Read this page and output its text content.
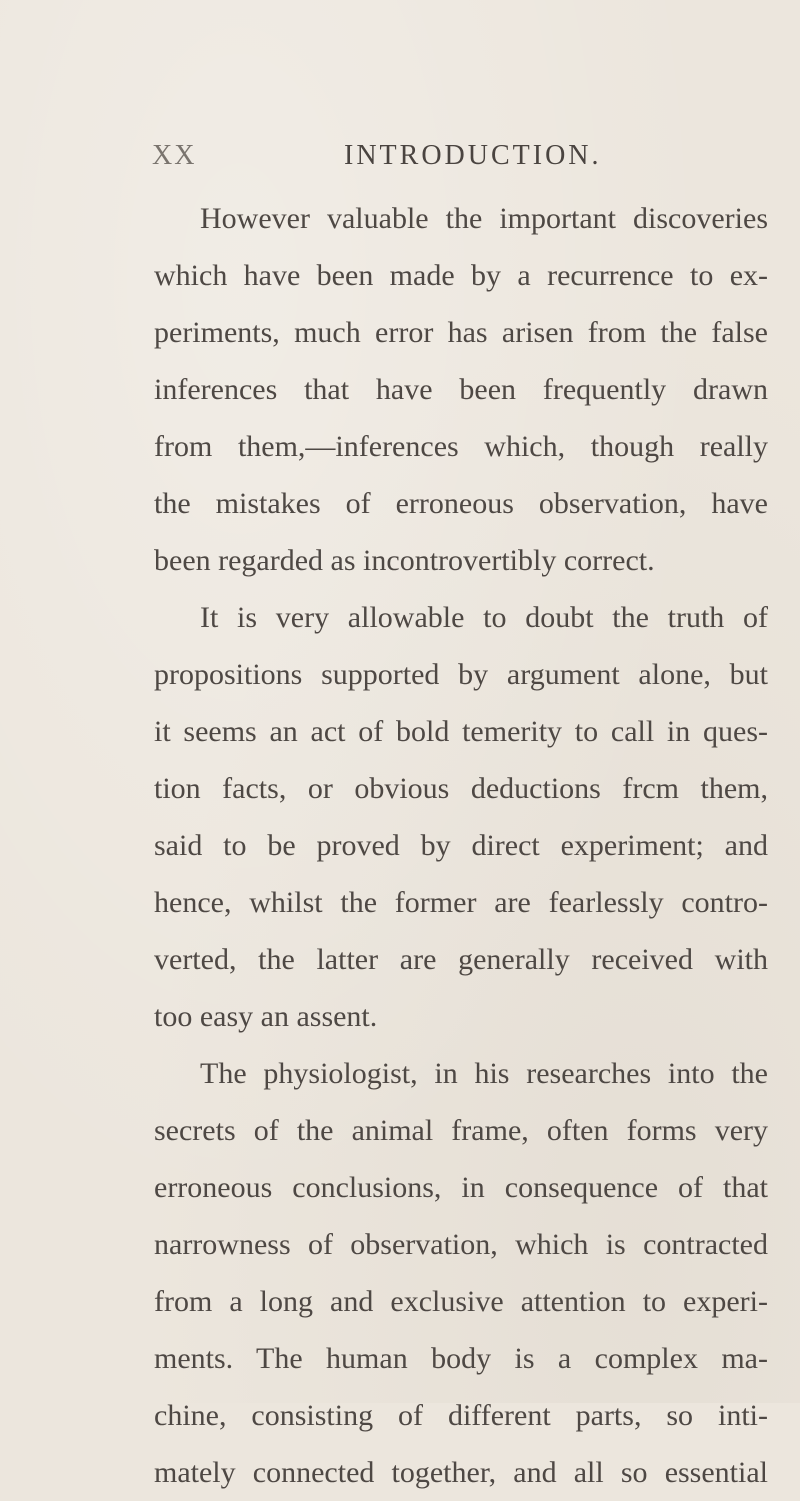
XX	INTRODUCTION.
However valuable the important discoveries
which have been made by a recurrence to ex-
periments, much error has arisen from the false
inferences that have been frequently drawn
from them,—inferences which, though really
the mistakes of erroneous observation, have
been regarded as incontrovertibly correct.
It is very allowable to doubt the truth of
propositions supported by argument alone, but
it seems an act of bold temerity to call in ques-
tion facts, or obvious deductions frcm them,
said to be proved by direct experiment; and
hence, whilst the former are fearlessly contro-
verted, the latter are generally received with
too easy an assent.
The physiologist, in his researches into the
secrets of the animal frame, often forms very
erroneous conclusions, in consequence of that
narrowness of observation, which is contracted
from a long and exclusive attention to experi-
ments. The human body is a complex ma-
chine, consisting of different parts, so inti-
mately connected together, and all so essential
